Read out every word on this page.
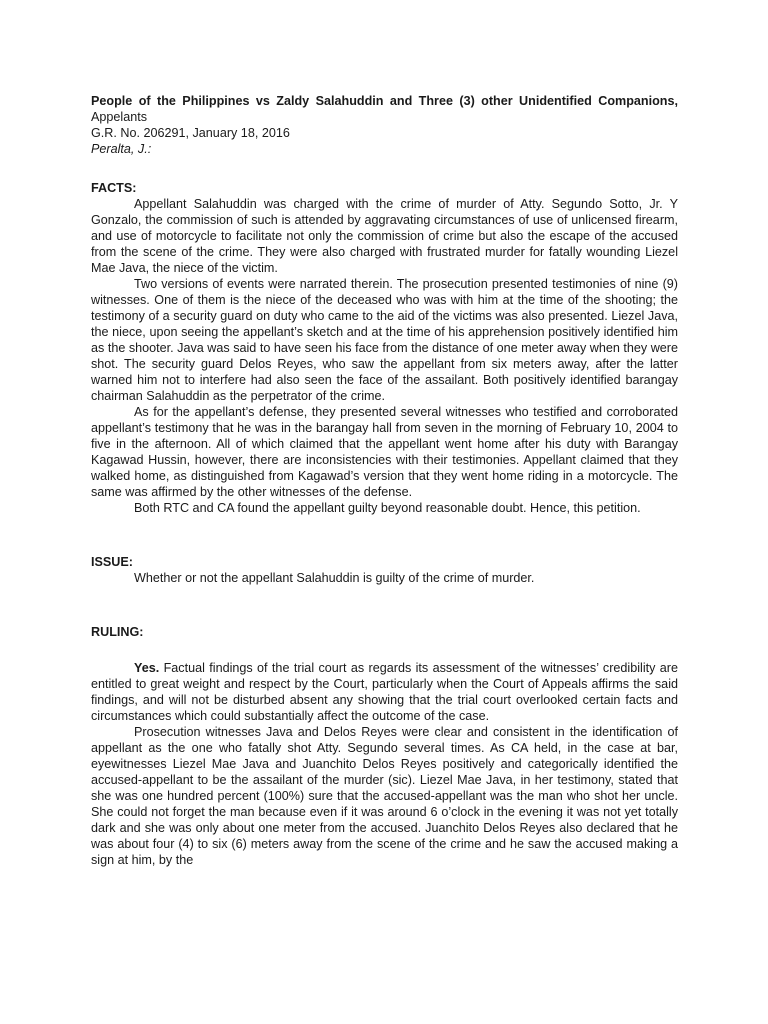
People of the Philippines vs Zaldy Salahuddin and Three (3) other Unidentified Companions, Appelants
G.R. No. 206291, January 18, 2016
Peralta, J.:
FACTS:

Appellant Salahuddin was charged with the crime of murder of Atty. Segundo Sotto, Jr. Y Gonzalo, the commission of such is attended by aggravating circumstances of use of unlicensed firearm, and use of motorcycle to facilitate not only the commission of crime but also the escape of the accused from the scene of the crime. They were also charged with frustrated murder for fatally wounding Liezel Mae Java, the niece of the victim.

Two versions of events were narrated therein. The prosecution presented testimonies of nine (9) witnesses. One of them is the niece of the deceased who was with him at the time of the shooting; the testimony of a security guard on duty who came to the aid of the victims was also presented. Liezel Java, the niece, upon seeing the appellant’s sketch and at the time of his apprehension positively identified him as the shooter. Java was said to have seen his face from the distance of one meter away when they were shot. The security guard Delos Reyes, who saw the appellant from six meters away, after the latter warned him not to interfere had also seen the face of the assailant. Both positively identified barangay chairman Salahuddin as the perpetrator of the crime.

As for the appellant’s defense, they presented several witnesses who testified and corroborated appellant’s testimony that he was in the barangay hall from seven in the morning of February 10, 2004 to five in the afternoon. All of which claimed that the appellant went home after his duty with Barangay Kagawad Hussin, however, there are inconsistencies with their testimonies. Appellant claimed that they walked home, as distinguished from Kagawad’s version that they went home riding in a motorcycle. The same was affirmed by the other witnesses of the defense.

Both RTC and CA found the appellant guilty beyond reasonable doubt. Hence, this petition.

ISSUE:

Whether or not the appellant Salahuddin is guilty of the crime of murder.

RULING:

Yes. Factual findings of the trial court as regards its assessment of the witnesses’ credibility are entitled to great weight and respect by the Court, particularly when the Court of Appeals affirms the said findings, and will not be disturbed absent any showing that the trial court overlooked certain facts and circumstances which could substantially affect the outcome of the case.

Prosecution witnesses Java and Delos Reyes were clear and consistent in the identification of appellant as the one who fatally shot Atty. Segundo several times. As CA held, in the case at bar, eyewitnesses Liezel Mae Java and Juanchito Delos Reyes positively and categorically identified the accused-appellant to be the assailant of the murder (sic). Liezel Mae Java, in her testimony, stated that she was one hundred percent (100%) sure that the accused-appellant was the man who shot her uncle. She could not forget the man because even if it was around 6 o’clock in the evening it was not yet totally dark and she was only about one meter from the accused. Juanchito Delos Reyes also declared that he was about four (4) to six (6) meters away from the scene of the crime and he saw the accused making a sign at him, by the
